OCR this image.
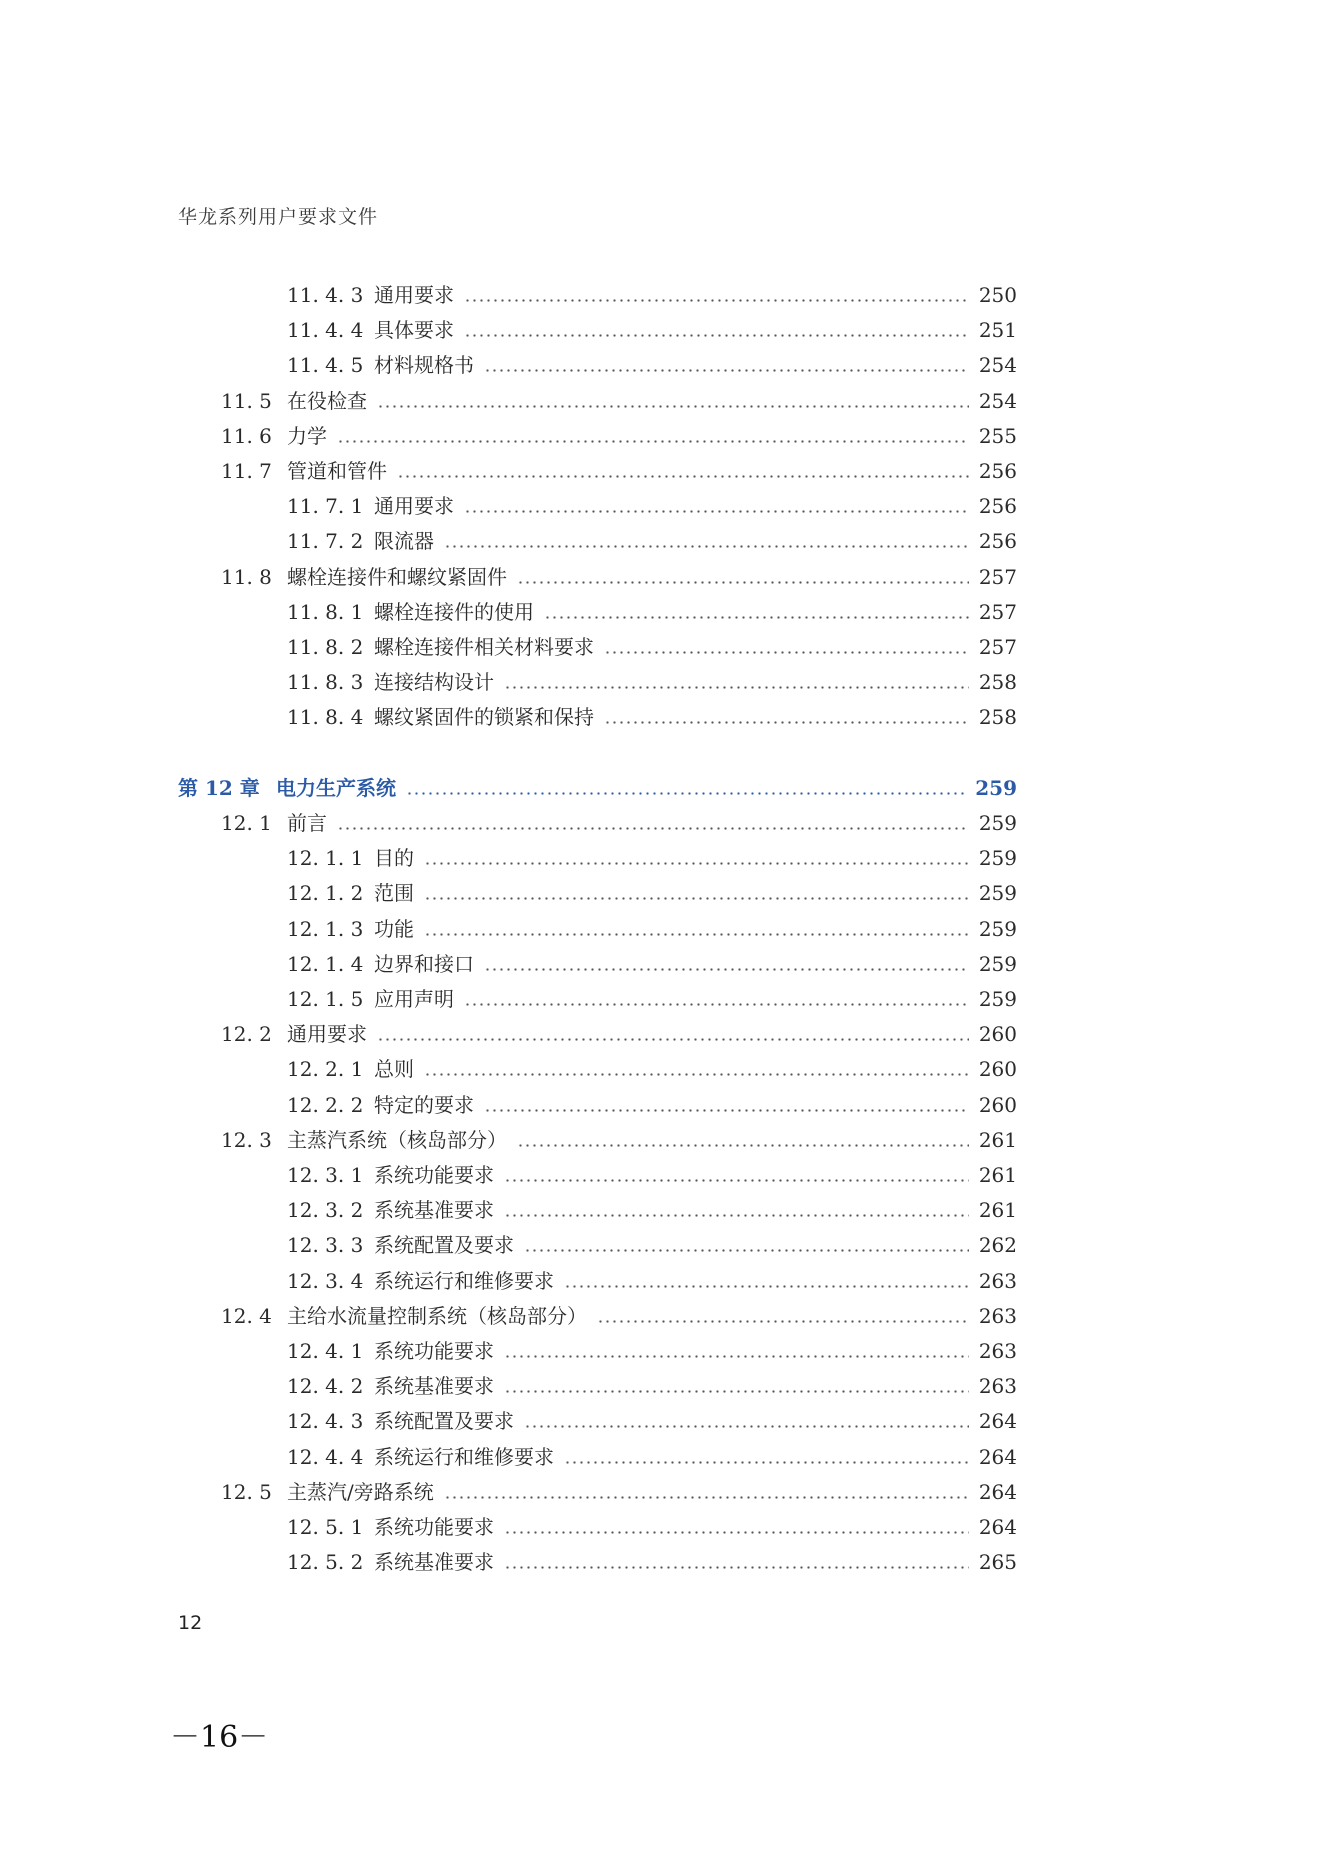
华龙系列用户要求文件
11. 4. 3 通用要求	250
11. 4. 4 具体要求	251
11. 4. 5 材料规格书	254
11. 5 在役检查	254
11. 6 力学	255
11. 7 管道和管件	256
11. 7. 1 通用要求	256
11. 7. 2 限流器	256
11. 8 螺栓连接件和螺纹紧固件	257
11. 8. 1 螺栓连接件的使用	257
11. 8. 2 螺栓连接件相关材料要求	257
11. 8. 3 连接结构设计	258
11. 8. 4 螺纹紧固件的锁紧和保持	258
第 12 章 电力生产系统	259
12. 1 前言	259
12. 1. 1 目的	259
12. 1. 2 范围	259
12. 1. 3 功能	259
12. 1. 4 边界和接口	259
12. 1. 5 应用声明	259
12. 2 通用要求	260
12. 2. 1 总则	260
12. 2. 2 特定的要求	260
12. 3 主蒸汽系统（核岛部分）	261
12. 3. 1 系统功能要求	261
12. 3. 2 系统基准要求	261
12. 3. 3 系统配置及要求	262
12. 3. 4 系统运行和维修要求	263
12. 4 主给水流量控制系统（核岛部分）	263
12. 4. 1 系统功能要求	263
12. 4. 2 系统基准要求	263
12. 4. 3 系统配置及要求	264
12. 4. 4 系统运行和维修要求	264
12. 5 主蒸汽/旁路系统	264
12. 5. 1 系统功能要求	264
12. 5. 2 系统基准要求	265
12
－16－
